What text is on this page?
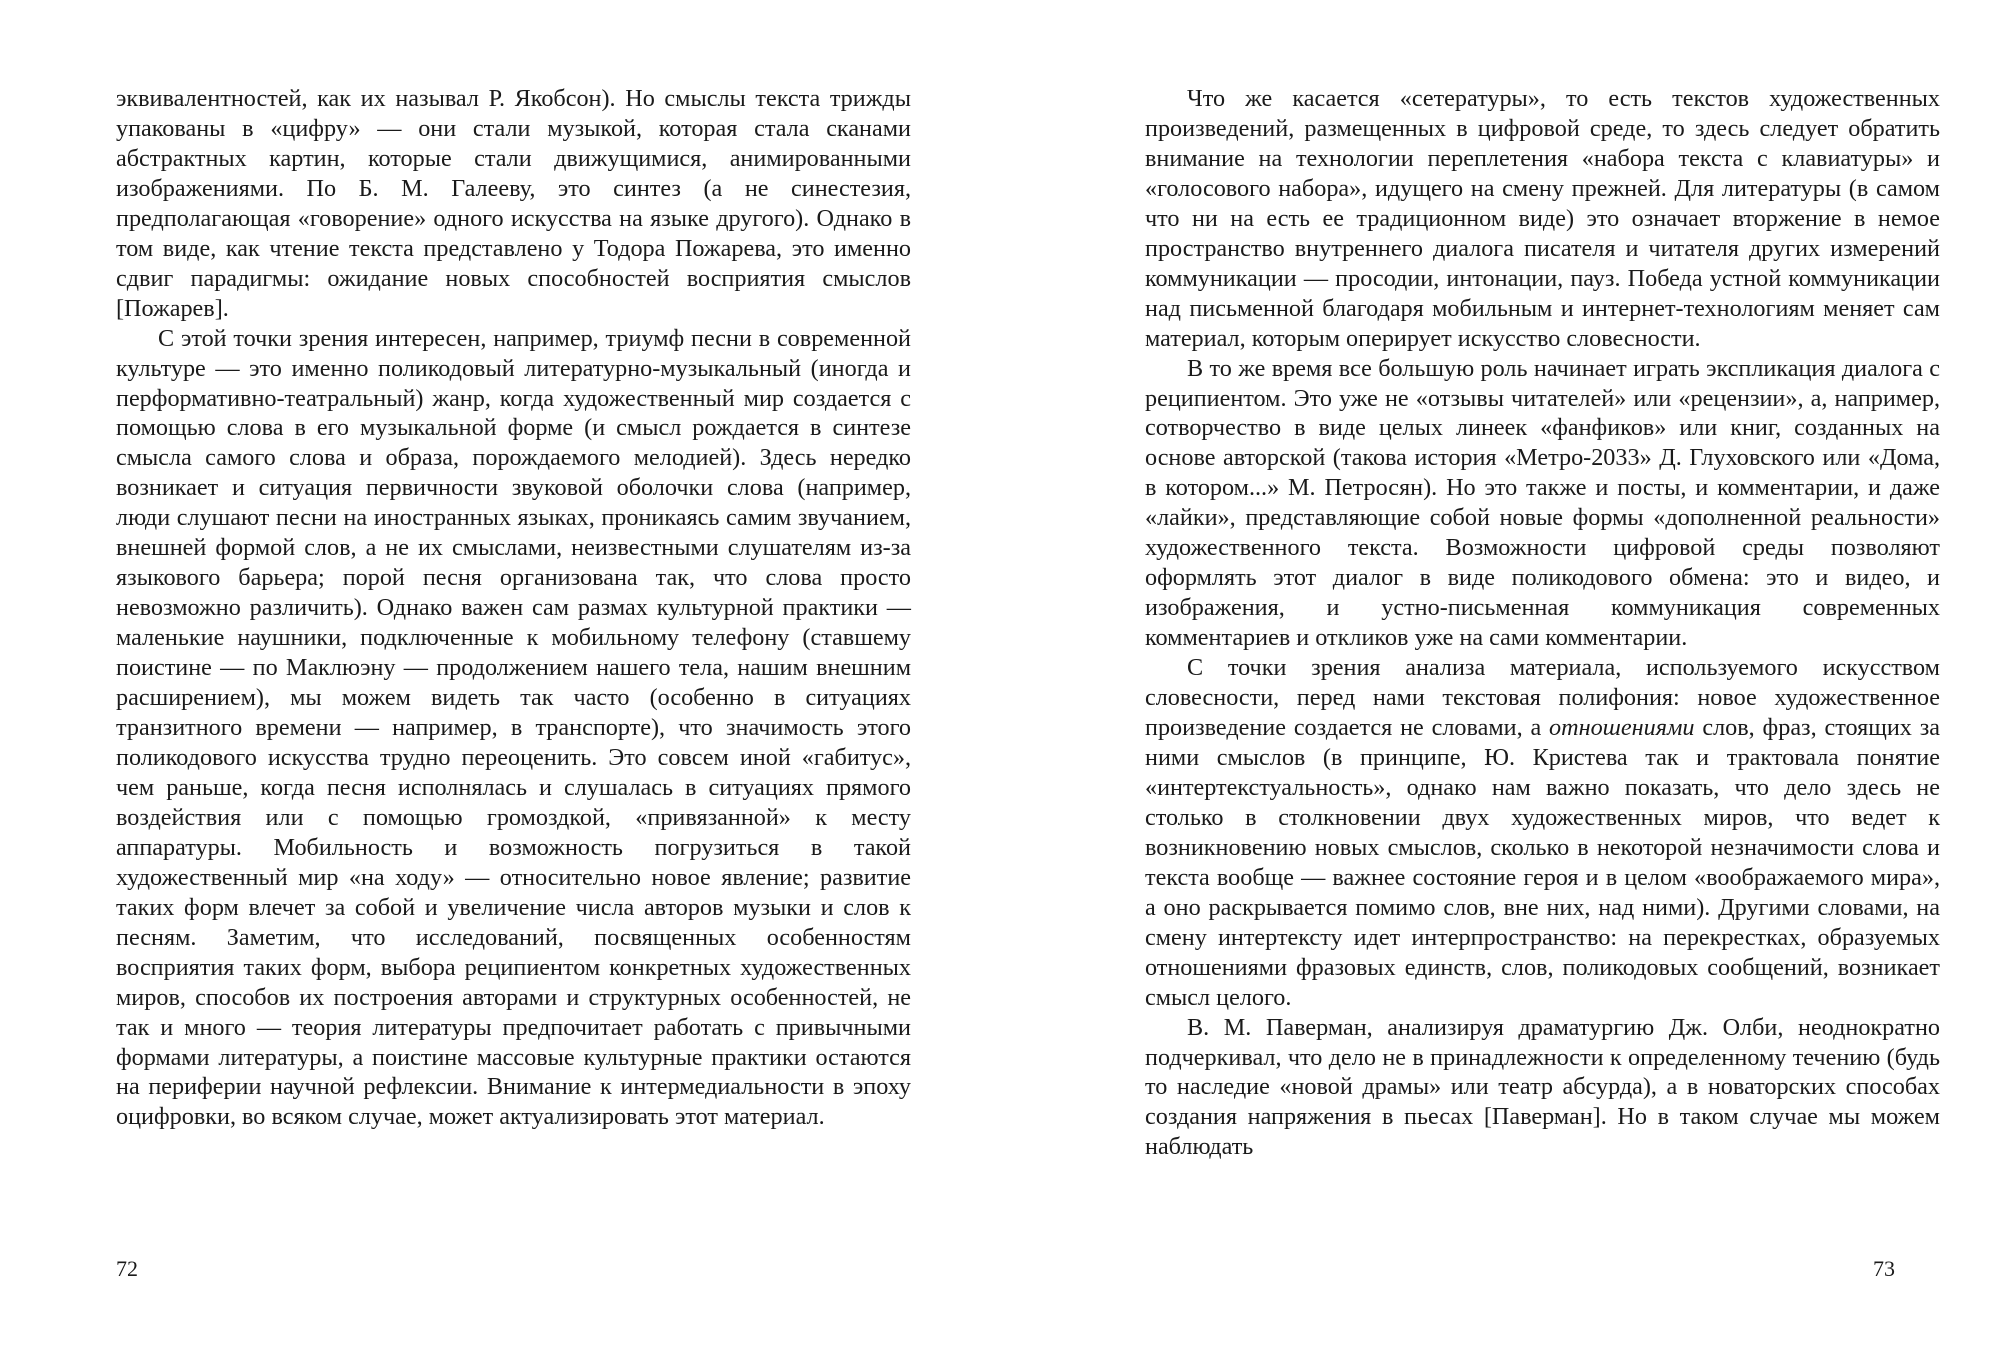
эквивалентностей, как их называл Р. Якобсон). Но смыслы текста трижды упакованы в «цифру» — они стали музыкой, которая стала сканами абстрактных картин, которые стали движущимися, анимированными изображениями. По Б. М. Галееву, это синтез (а не синестезия, предполагающая «говорение» одного искусства на языке другого). Однако в том виде, как чтение текста представлено у Тодора Пожарева, это именно сдвиг парадигмы: ожидание новых способностей восприятия смыслов [Пожарев].

С этой точки зрения интересен, например, триумф песни в современной культуре — это именно поликодовый литературно-музыкальный (иногда и перформативно-театральный) жанр, когда художественный мир создается с помощью слова в его музыкальной форме (и смысл рождается в синтезе смысла самого слова и образа, порождаемого мелодией). Здесь нередко возникает и ситуация первичности звуковой оболочки слова (например, люди слушают песни на иностранных языках, проникаясь самим звучанием, внешней формой слов, а не их смыслами, неизвестными слушателям из-за языкового барьера; порой песня организована так, что слова просто невозможно различить). Однако важен сам размах культурной практики — маленькие наушники, подключенные к мобильному телефону (ставшему поистине — по Маклюэну — продолжением нашего тела, нашим внешним расширением), мы можем видеть так часто (особенно в ситуациях транзитного времени — например, в транспорте), что значимость этого поликодового искусства трудно переоценить. Это совсем иной «габитус», чем раньше, когда песня исполнялась и слушалась в ситуациях прямого воздействия или с помощью громоздкой, «привязанной» к месту аппаратуры. Мобильность и возможность погрузиться в такой художественный мир «на ходу» — относительно новое явление; развитие таких форм влечет за собой и увеличение числа авторов музыки и слов к песням. Заметим, что исследований, посвященных особенностям восприятия таких форм, выбора реципиентом конкретных художественных миров, способов их построения авторами и структурных особенностей, не так и много — теория литературы предпочитает работать с привычными формами литературы, а поистине массовые культурные практики остаются на периферии научной рефлексии. Внимание к интермедиальности в эпоху оцифровки, во всяком случае, может актуализировать этот материал.

Что же касается «сетературы», то есть текстов художественных произведений, размещенных в цифровой среде, то здесь следует обратить внимание на технологии переплетения «набора текста с клавиатуры» и «голосового набора», идущего на смену прежней. Для литературы (в самом что ни на есть ее традиционном виде) это означает вторжение в немое пространство внутреннего диалога писателя и читателя других измерений коммуникации — просодии, интонации, пауз. Победа устной коммуникации над письменной благодаря мобильным и интернет-технологиям меняет сам материал, которым оперирует искусство словесности.

В то же время все большую роль начинает играть экспликация диалога с реципиентом. Это уже не «отзывы читателей» или «рецензии», а, например, сотворчество в виде целых линеек «фанфиков» или книг, созданных на основе авторской (такова история «Метро-2033» Д. Глуховского или «Дома, в котором...» М. Петросян). Но это также и посты, и комментарии, и даже «лайки», представляющие собой новые формы «дополненной реальности» художественного текста. Возможности цифровой среды позволяют оформлять этот диалог в виде поликодового обмена: это и видео, и изображения, и устно-письменная коммуникация современных комментариев и откликов уже на сами комментарии.

С точки зрения анализа материала, используемого искусством словесности, перед нами текстовая полифония: новое художественное произведение создается не словами, а отношениями слов, фраз, стоящих за ними смыслов (в принципе, Ю. Кристева так и трактовала понятие «интертекстуальность», однако нам важно показать, что дело здесь не столько в столкновении двух художественных миров, что ведет к возникновению новых смыслов, сколько в некоторой незначимости слова и текста вообще — важнее состояние героя и в целом «воображаемого мира», а оно раскрывается помимо слов, вне них, над ними). Другими словами, на смену интертексту идет интерпространство: на перекрестках, образуемых отношениями фразовых единств, слов, поликодовых сообщений, возникает смысл целого.

В. М. Паверман, анализируя драматургию Дж. Олби, неоднократно подчеркивал, что дело не в принадлежности к определенному течению (будь то наследие «новой драмы» или театр абсурда), а в новаторских способах создания напряжения в пьесах [Паверман]. Но в таком случае мы можем наблюдать

72	73
